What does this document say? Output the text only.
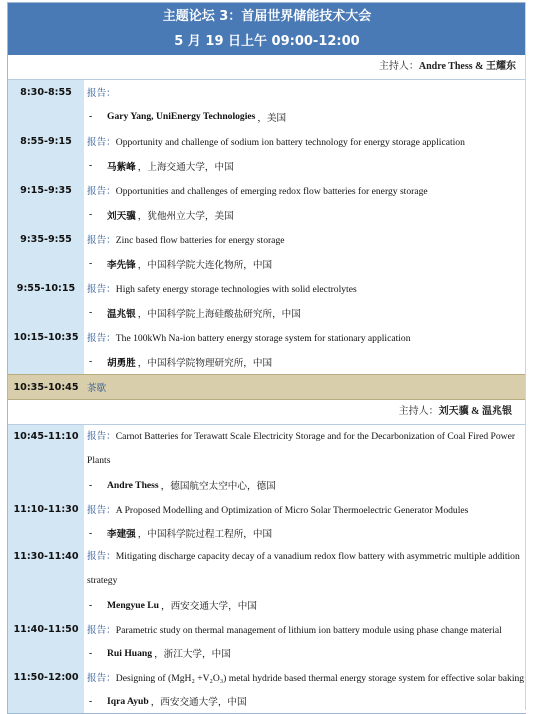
主题论坛 3：首届世界储能技术大会
5 月 19 日上午 09:00-12:00
主持人：Andre Thess & 王耀东
8:30-8:55 报告：
-	Gary Yang, UniEnergy Technologies ，美国
8:55-9:15 报告：Opportunity and challenge of sodium ion battery technology for energy storage application
-	马紫峰 ，上海交通大学，中国
9:15-9:35 报告：Opportunities and challenges of emerging redox flow batteries for energy storage
-	刘天骥 ，犹他州立大学，美国
9:35-9:55 报告：Zinc based flow batteries for energy storage
-	李先锋 ，中国科学院大连化物所，中国
9:55-10:15 报告：High safety energy storage technologies with solid electrolytes
-	温兆银 ，中国科学院上海硅酸盐研究所，中国
10:15-10:35 报告：The 100kWh Na-ion battery energy storage system for stationary application
-	胡勇胜 ，中国科学院物理研究所，中国
10:35-10:45 茶歇
主持人：刘天骥 & 温兆银
10:45-11:10 报告：Carnot Batteries for Terawatt Scale Electricity Storage and for the Decarbonization of Coal Fired Power Plants
-	Andre Thess ，德国航空太空中心，德国
11:10-11:30 报告：A Proposed Modelling and Optimization of Micro Solar Thermoelectric Generator Modules
-	李建强 ，中国科学院过程工程所，中国
11:30-11:40 报告：Mitigating discharge capacity decay of a vanadium redox flow battery with asymmetric multiple addition strategy
-	Mengyue Lu ，西安交通大学，中国
11:40-11:50 报告：Parametric study on thermal management of lithium ion battery module using phase change material
-	Rui Huang ，浙江大学，中国
11:50-12:00 报告：Designing of (MgH₂ +V₂O₃) metal hydride based thermal energy storage system for effective solar baking
-	Iqra Ayub ，西安交通大学，中国
